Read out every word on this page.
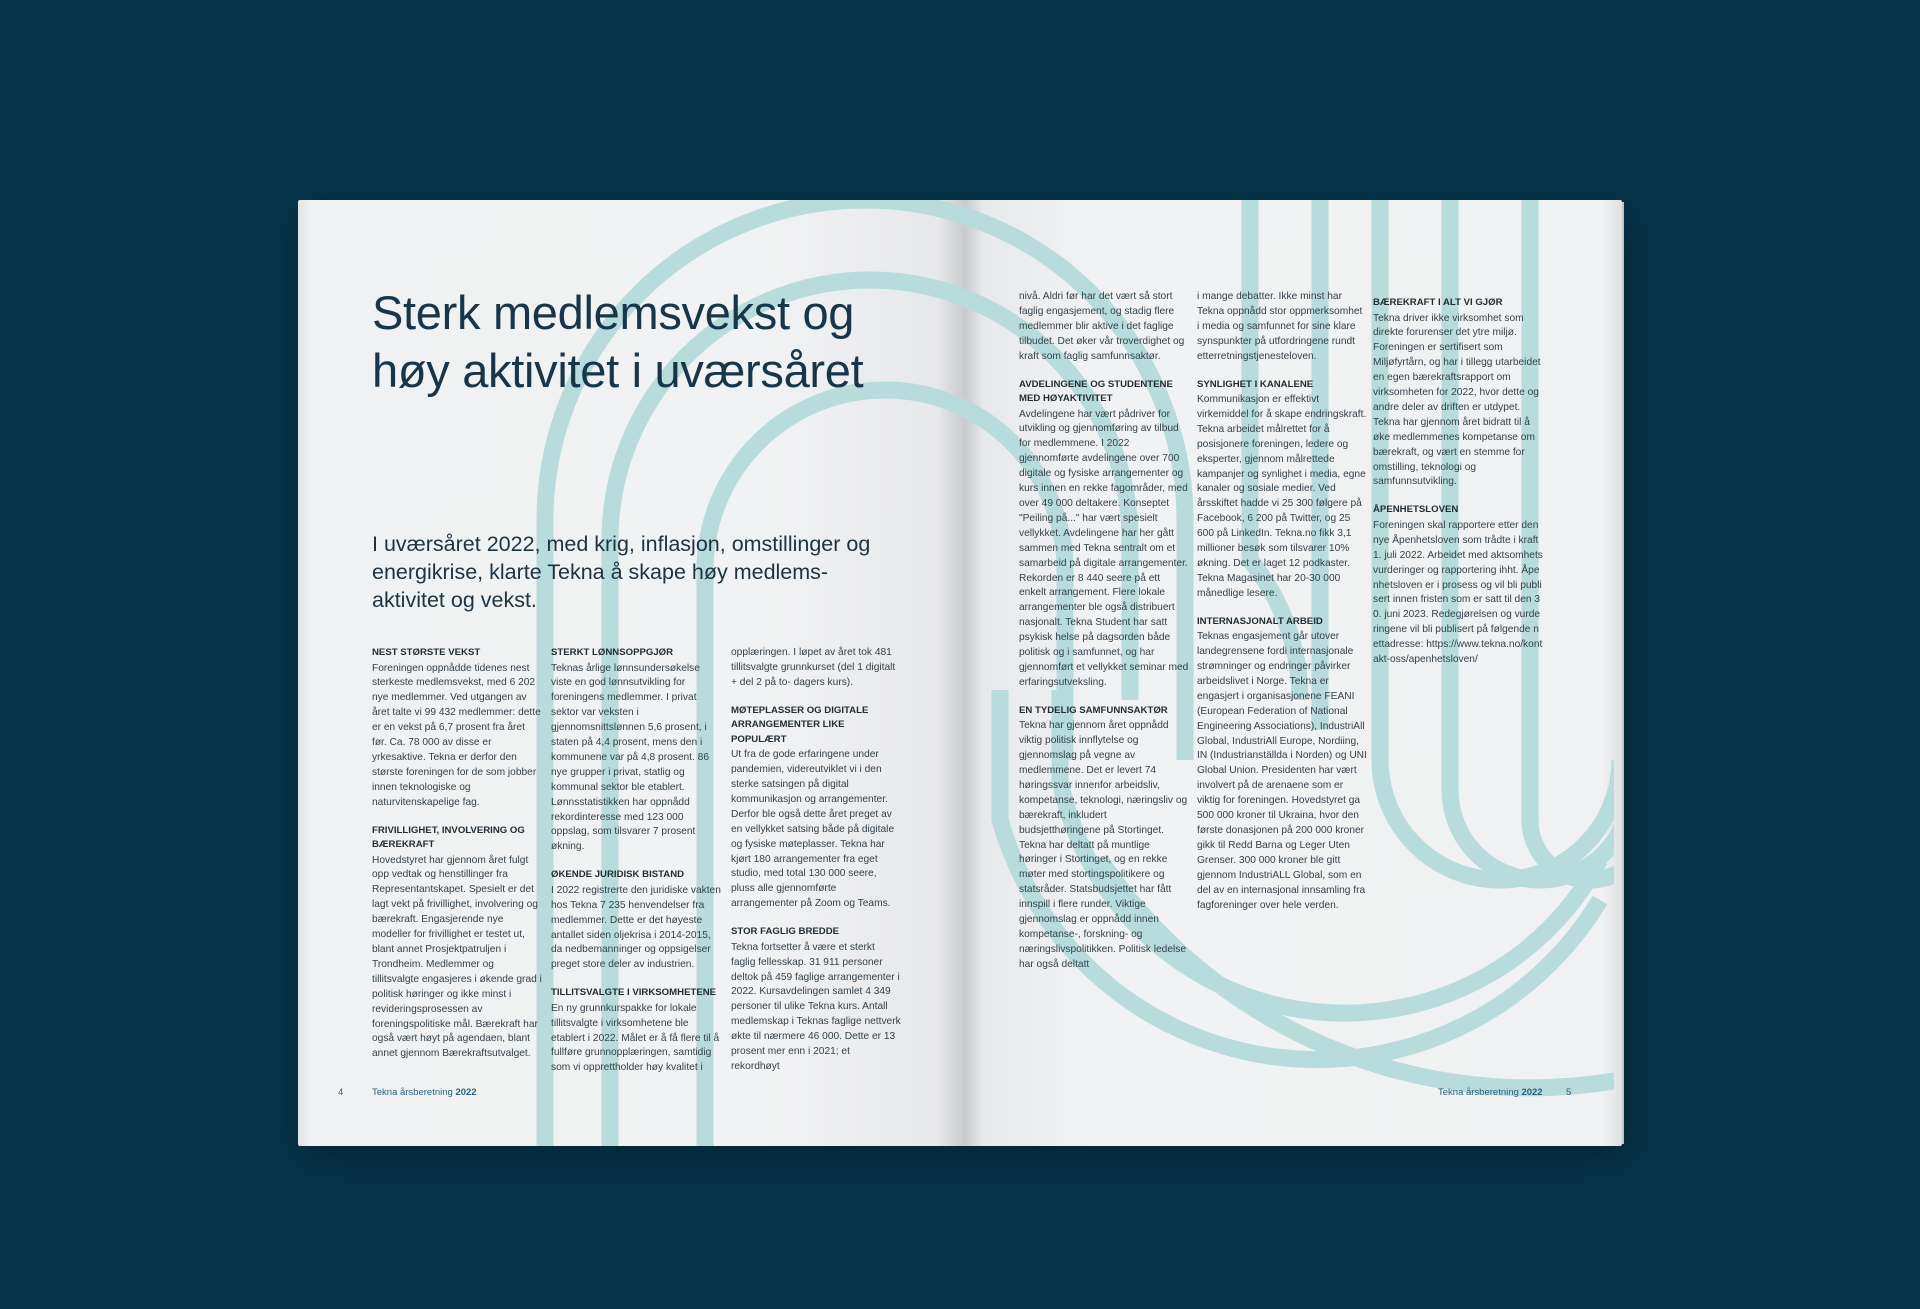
Sterk medlemsvekst og høy aktivitet i uværsåret

I uværsåret 2022, med krig, inflasjon, omstillinger og energikrise, klarte Tekna å skape høy medlems-aktivitet og vekst.

NEST STØRSTE VEKST

Foreningen oppnådde tidenes nest sterkeste medlemsvekst, med 6 202 nye medlemmer. Ved utgangen av året talte vi 99 432 medlemmer: dette er en vekst på 6,7 prosent fra året før. Ca. 78 000 av disse er yrkesaktive. Tekna er derfor den største foreningen for de som jobber innen teknologiske og naturvitenskapelige fag.

FRIVILLIGHET, INVOLVERING OG BÆREKRAFT

Hovedstyret har gjennom året fulgt opp vedtak og henstillinger fra Representantskapet. Spesielt er det lagt vekt på frivillighet, involvering og bærekraft. Engasjerende nye modeller for frivillighet er testet ut, blant annet Prosjektpatruljen i Trondheim. Medlemmer og tillitsvalgte engasjeres i økende grad i politisk høringer og ikke minst i revideringsprosessen av foreningspolitiske mål. Bærekraft har også vært høyt på agendaen, blant annet gjennom Bærekraftsutvalget.

STERKT LØNNSOPPGJØR

Teknas årlige lønnsundersøkelse viste en god lønnsutvikling for foreningens medlemmer. I privat sektor var veksten i gjennomsnittslønnen 5,6 prosent, i staten på 4,4 prosent, mens den i kommunene var på 4,8 prosent. 86 nye grupper i privat, statlig og kommunal sektor ble etablert. Lønnsstatistikken har oppnådd rekordinteresse med 123 000 oppslag, som tilsvarer 7 prosent økning.

ØKENDE JURIDISK BISTAND

I 2022 registrerte den juridiske vakten hos Tekna 7 235 henvendelser fra medlemmer. Dette er det høyeste antallet siden oljekrisa i 2014-2015, da nedbemanninger og oppsigelser preget store deler av industrien.

TILLITSVALGTE I VIRKSOMHETENE

En ny grunnkurspakke for lokale tillitsvalgte i virksomhetene ble etablert i 2022. Målet er å få flere til å fullføre grunnopplæringen, samtidig som vi opprettholder høy kvalitet i

opplæringen. I løpet av året tok 481 tillitsvalgte grunnkurset (del 1 digitalt + del 2 på to- dagers kurs).

MØTEPLASSER OG DIGITALE ARRANGEMENTER LIKE POPULÆRT

Ut fra de gode erfaringene under pandemien, videreutviklet vi i den sterke satsingen på digital kommunikasjon og arrangementer. Derfor ble også dette året preget av en vellykket satsing både på digitale og fysiske møteplasser. Tekna har kjørt 180 arrangementer fra eget studio, med total 130 000 seere, pluss alle gjennomførte arrangementer på Zoom og Teams.

STOR FAGLIG BREDDE

Tekna fortsetter å være et sterkt faglig fellesskap. 31 911 personer deltok på 459 faglige arrangementer i 2022. Kursavdelingen samlet 4 349 personer til ulike Tekna kurs. Antall medlemskap i Teknas faglige nettverk økte til nærmere 46 000. Dette er 13 prosent mer enn i 2021; et rekordhøyt

4	Tekna årsberetning 2022

nivå. Aldri før har det vært så stort faglig engasjement, og stadig flere medlemmer blir aktive i det faglige tilbudet. Det øker vår troverdighet og kraft som faglig samfunnsaktør.

AVDELINGENE OG STUDENTENE MED HØYAKTIVITET

Avdelingene har vært pådriver for utvikling og gjennomføring av tilbud for medlemmene. I 2022 gjennomførte avdelingene over 700 digitale og fysiske arrangementer og kurs innen en rekke fagområder, med over 49 000 deltakere. Konseptet "Peiling på..." har vært spesielt vellykket. Avdelingene har her gått sammen med Tekna sentralt om et samarbeid på digitale arrangementer. Rekorden er 8 440 seere på ett enkelt arrangement. Flere lokale arrangementer ble også distribuert nasjonalt. Tekna Student har satt psykisk helse på dagsorden både politisk og i samfunnet, og har gjennomført et vellykket seminar med erfaringsutveksling.

EN TYDELIG SAMFUNNSAKTØR

Tekna har gjennom året oppnådd viktig politisk innflytelse og gjennomslag på vegne av medlemmene. Det er levert 74 høringssvar innenfor arbeidsliv, kompetanse, teknologi, næringsliv og bærekraft, inkludert budsjetthøringene på Stortinget. Tekna har deltatt på muntlige høringer i Stortinget, og en rekke møter med stortingspolitikere og statsråder. Statsbudsjettet har fått innspill i flere runder. Viktige gjennomslag er oppnådd innen kompetanse-, forskning- og næringslivspolitikken. Politisk ledelse har også deltatt

i mange debatter. Ikke minst har Tekna oppnådd stor oppmerksomhet i media og samfunnet for sine klare synspunkter på utfordringene rundt etterretningstjenesteloven.

SYNLIGHET I KANALENE

Kommunikasjon er effektivt virkemiddel for å skape endringskraft. Tekna arbeidet målrettet for å posisjonere foreningen, ledere og eksperter, gjennom målrettede kampanjer og synlighet i media, egne kanaler og sosiale medier. Ved årsskiftet hadde vi 25 300 følgere på Facebook, 6 200 på Twitter, og 25 600 på LinkedIn. Tekna.no fikk 3,1 millioner besøk som tilsvarer 10% økning. Det er laget 12 podkaster. Tekna Magasinet har 20-30 000 månedlige lesere.

INTERNASJONALT ARBEID

Teknas engasjement går utover landegrensene fordi internasjonale strømninger og endringer påvirker arbeidslivet i Norge. Tekna er engasjert i organisasjonene FEANI (European Federation of National Engineering Associations), IndustriAll Global, IndustriAll Europe, Nordiing, IN (Industrianställda i Norden) og UNI Global Union. Presidenten har vært involvert på de arenaene som er viktig for foreningen. Hovedstyret ga 500 000 kroner til Ukraina, hvor den første donasjonen på 200 000 kroner gikk til Redd Barna og Leger Uten Grenser. 300 000 kroner ble gitt gjennom IndustriALL Global, som en del av en internasjonal innsamling fra fagforeninger over hele verden.

BÆREKRAFT I ALT VI GJØR

Tekna driver ikke virksomhet som direkte forurenser det ytre miljø. Foreningen er sertifisert som Miljøfyrtårn, og har i tillegg utarbeidet en egen bærekraftsrapport om virksomheten for 2022, hvor dette og andre deler av driften er utdypet. Tekna har gjennom året bidratt til å øke medlemmenes kompetanse om bærekraft, og vært en stemme for omstilling, teknologi og samfunnsutvikling.

ÅPENHETSLOVEN

Foreningen skal rapportere etter den nye Åpenhetsloven som trådte i kraft 1. juli 2022. Arbeidet med aktsomhetsvurderinger og rapportering ihht. Åpenhetsloven er i prosess og vil bli publisert innen fristen som er satt til den 30. juni 2023. Redegjørelsen og vurderingene vil bli publisert på følgende nettadresse: https://www.tekna.no/kontakt-oss/apenhetsloven/

Tekna årsberetning 2022 5
